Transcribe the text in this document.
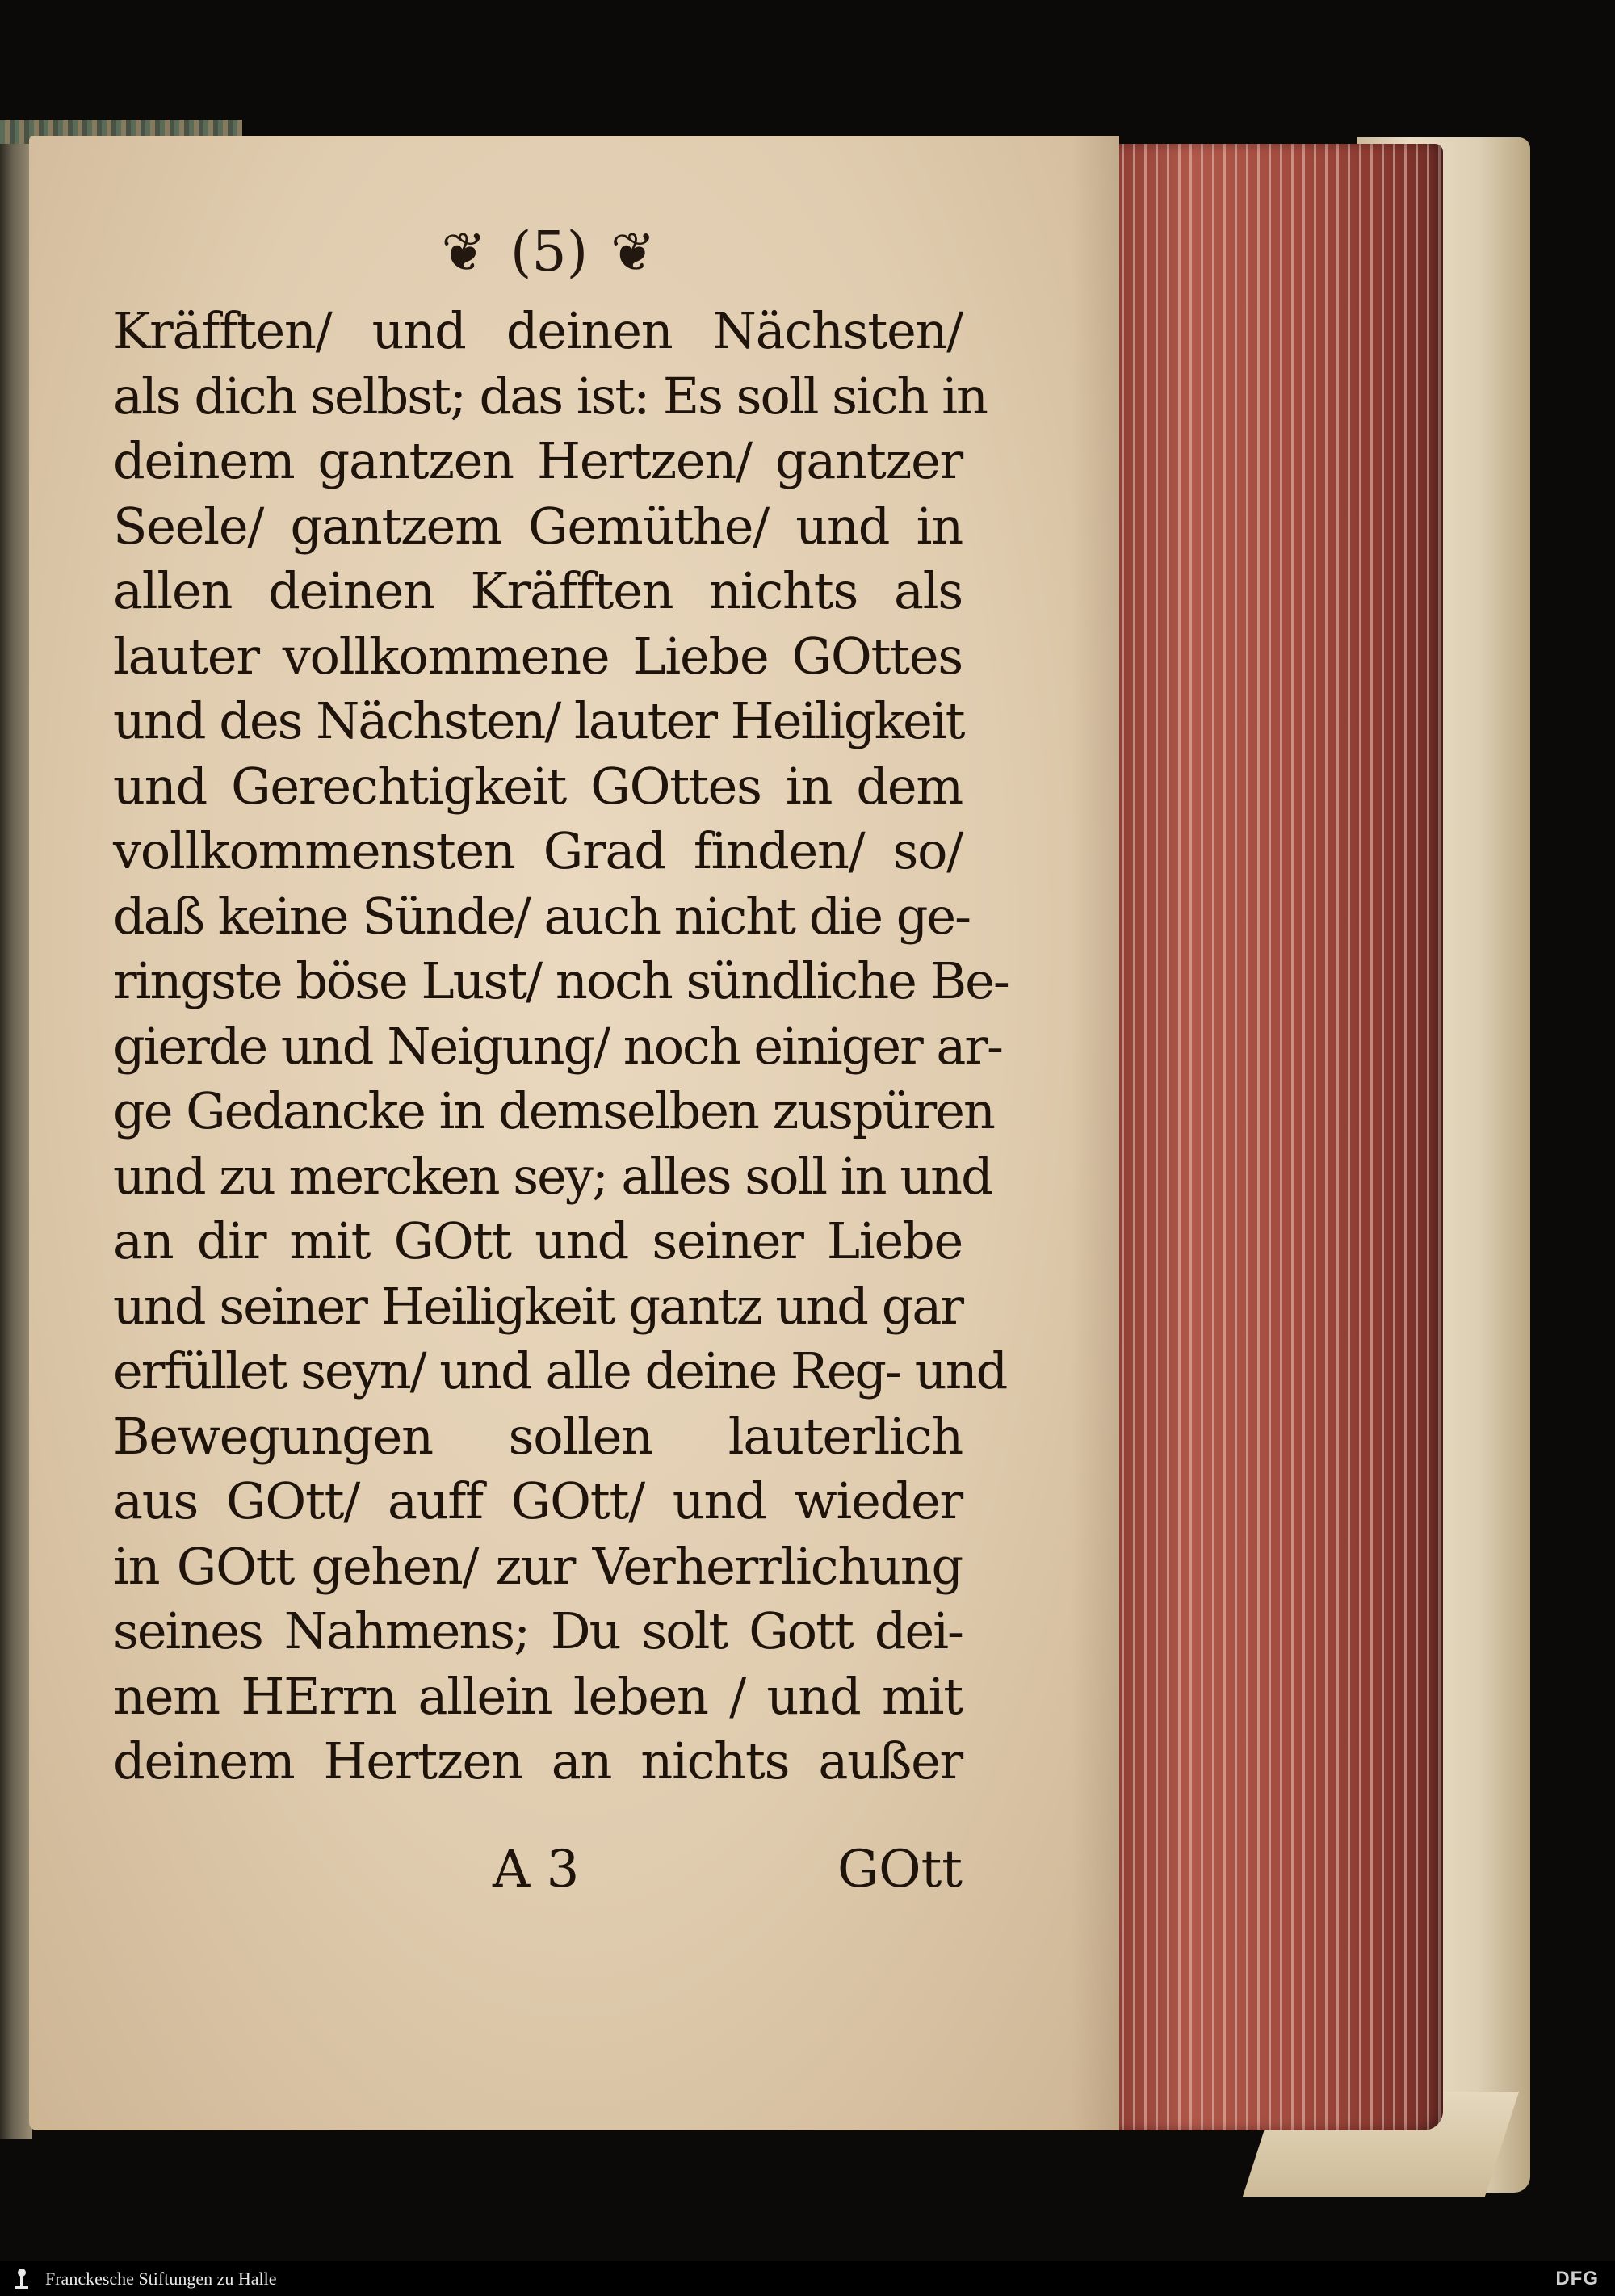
❦ (5) ❦
Kräfften/ und deinen Nächsten/
als dich selbst; das ist: Es soll sich in
deinem gantzen Hertzen/ gantzer
Seele/ gantzem Gemüthe/ und in
allen deinen Kräfften nichts als
lauter vollkommene Liebe GOttes
und des Nächsten/ lauter Heiligkeit
und Gerechtigkeit GOttes in dem
vollkommensten Grad finden/ so/
daß keine Sünde/ auch nicht die ge-
ringste böse Lust/ noch sündliche Be-
gierde und Neigung/ noch einiger ar-
ge Gedancke in demselben zuspüren
und zu mercken sey; alles soll in und
an dir mit GOtt und seiner Liebe
und seiner Heiligkeit gantz und gar
erfüllet seyn/ und alle deine Reg- und
Bewegungen sollen lauterlich
aus GOtt/ auff GOtt/ und wieder
in GOtt gehen/ zur Verherrlichung
seines Nahmens; Du solt Gott dei-
nem HErrn allein leben / und mit
deinem Hertzen an nichts außer
A 3	GOtt
Franckesche Stiftungen zu Halle	DFG
